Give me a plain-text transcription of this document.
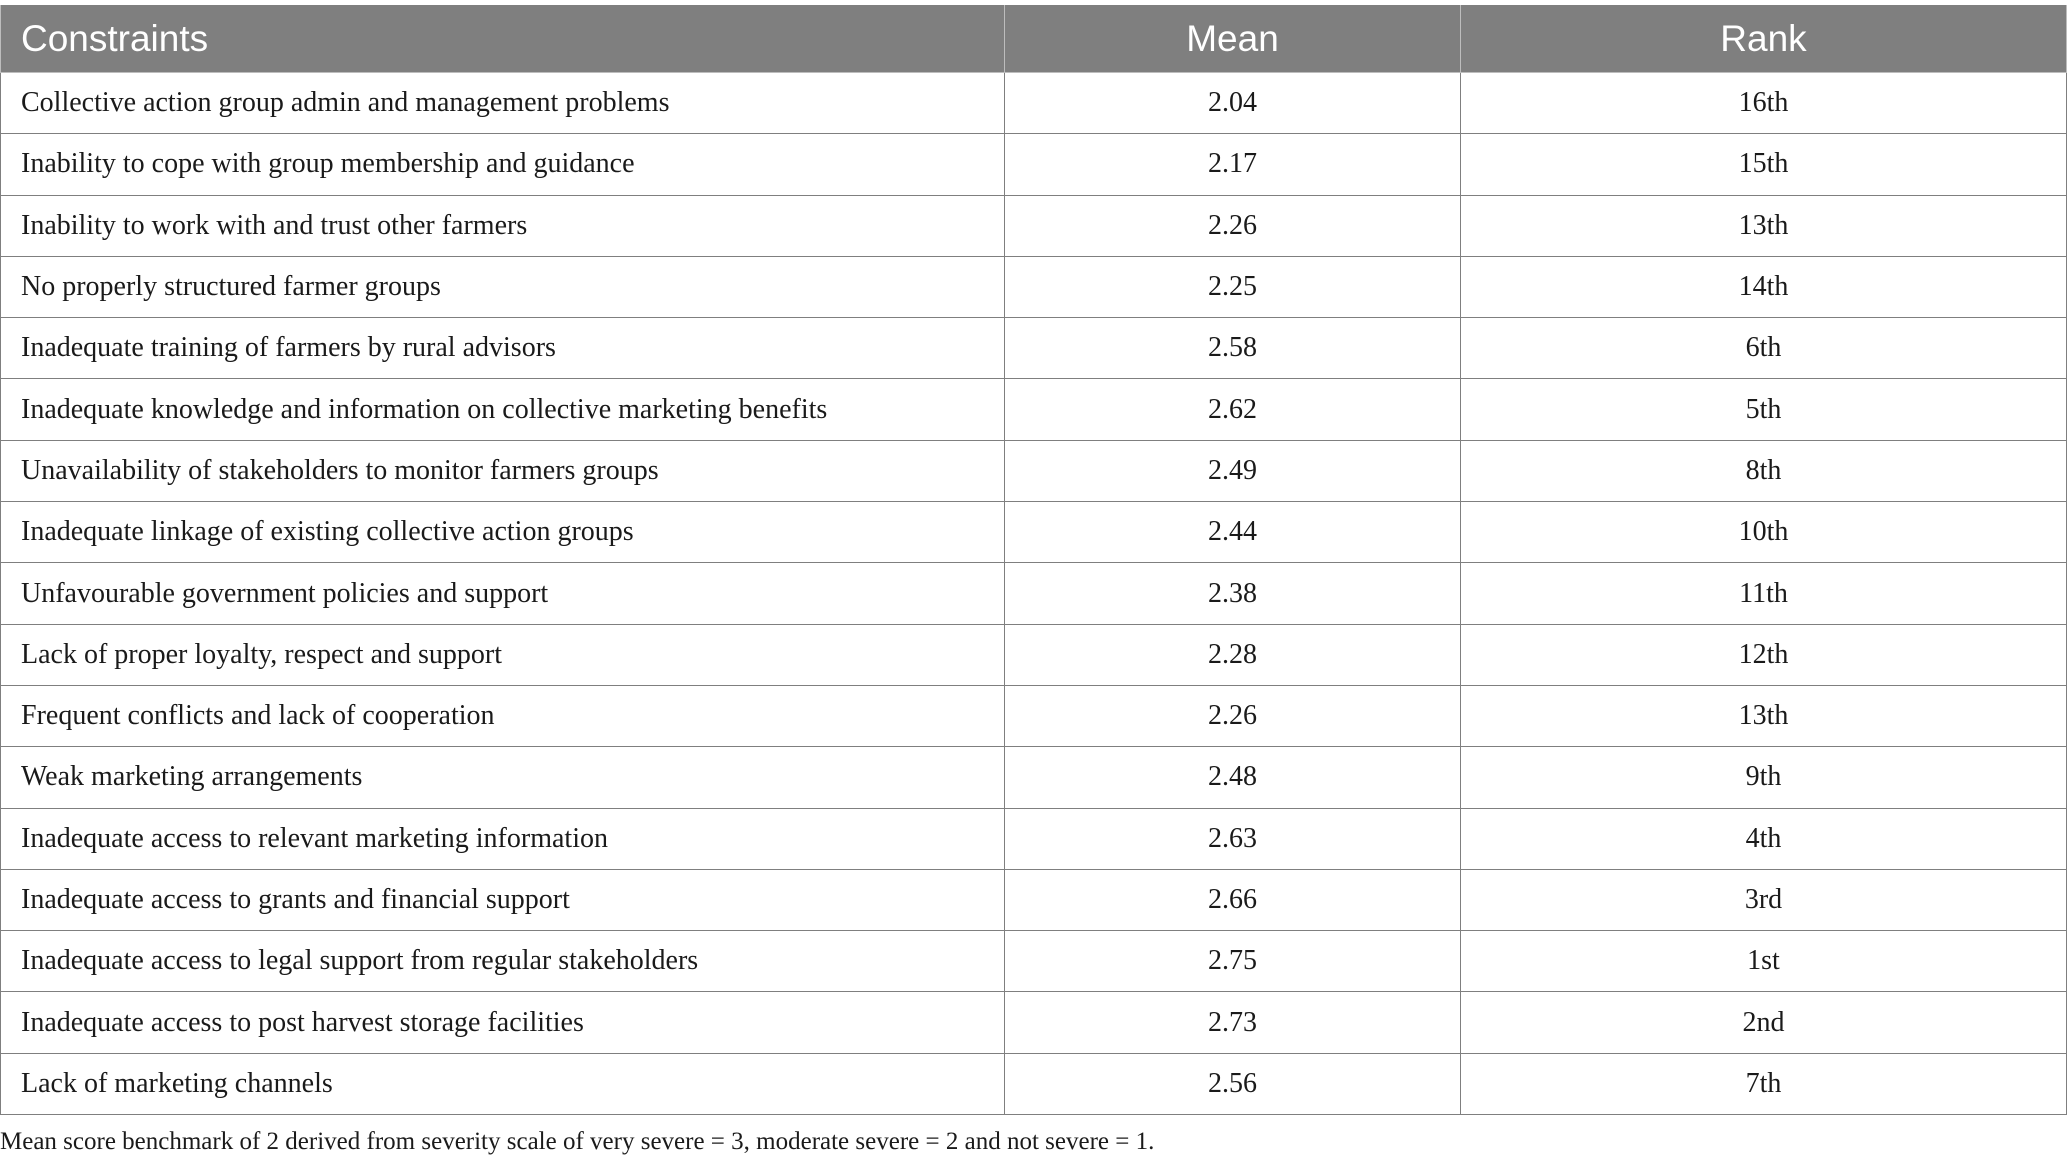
Constraints	Mean	Rank
Collective action group admin and management problems	2.04	16th
Inability to cope with group membership and guidance	2.17	15th
Inability to work with and trust other farmers	2.26	13th
No properly structured farmer groups	2.25	14th
Inadequate training of farmers by rural advisors	2.58	6th
Inadequate knowledge and information on collective marketing benefits	2.62	5th
Unavailability of stakeholders to monitor farmers groups	2.49	8th
Inadequate linkage of existing collective action groups	2.44	10th
Unfavourable government policies and support	2.38	11th
Lack of proper loyalty, respect and support	2.28	12th
Frequent conflicts and lack of cooperation	2.26	13th
Weak marketing arrangements	2.48	9th
Inadequate access to relevant marketing information	2.63	4th
Inadequate access to grants and financial support	2.66	3rd
Inadequate access to legal support from regular stakeholders	2.75	1st
Inadequate access to post harvest storage facilities	2.73	2nd
Lack of marketing channels	2.56	7th
Mean score benchmark of 2 derived from severity scale of very severe = 3, moderate severe = 2 and not severe = 1.
